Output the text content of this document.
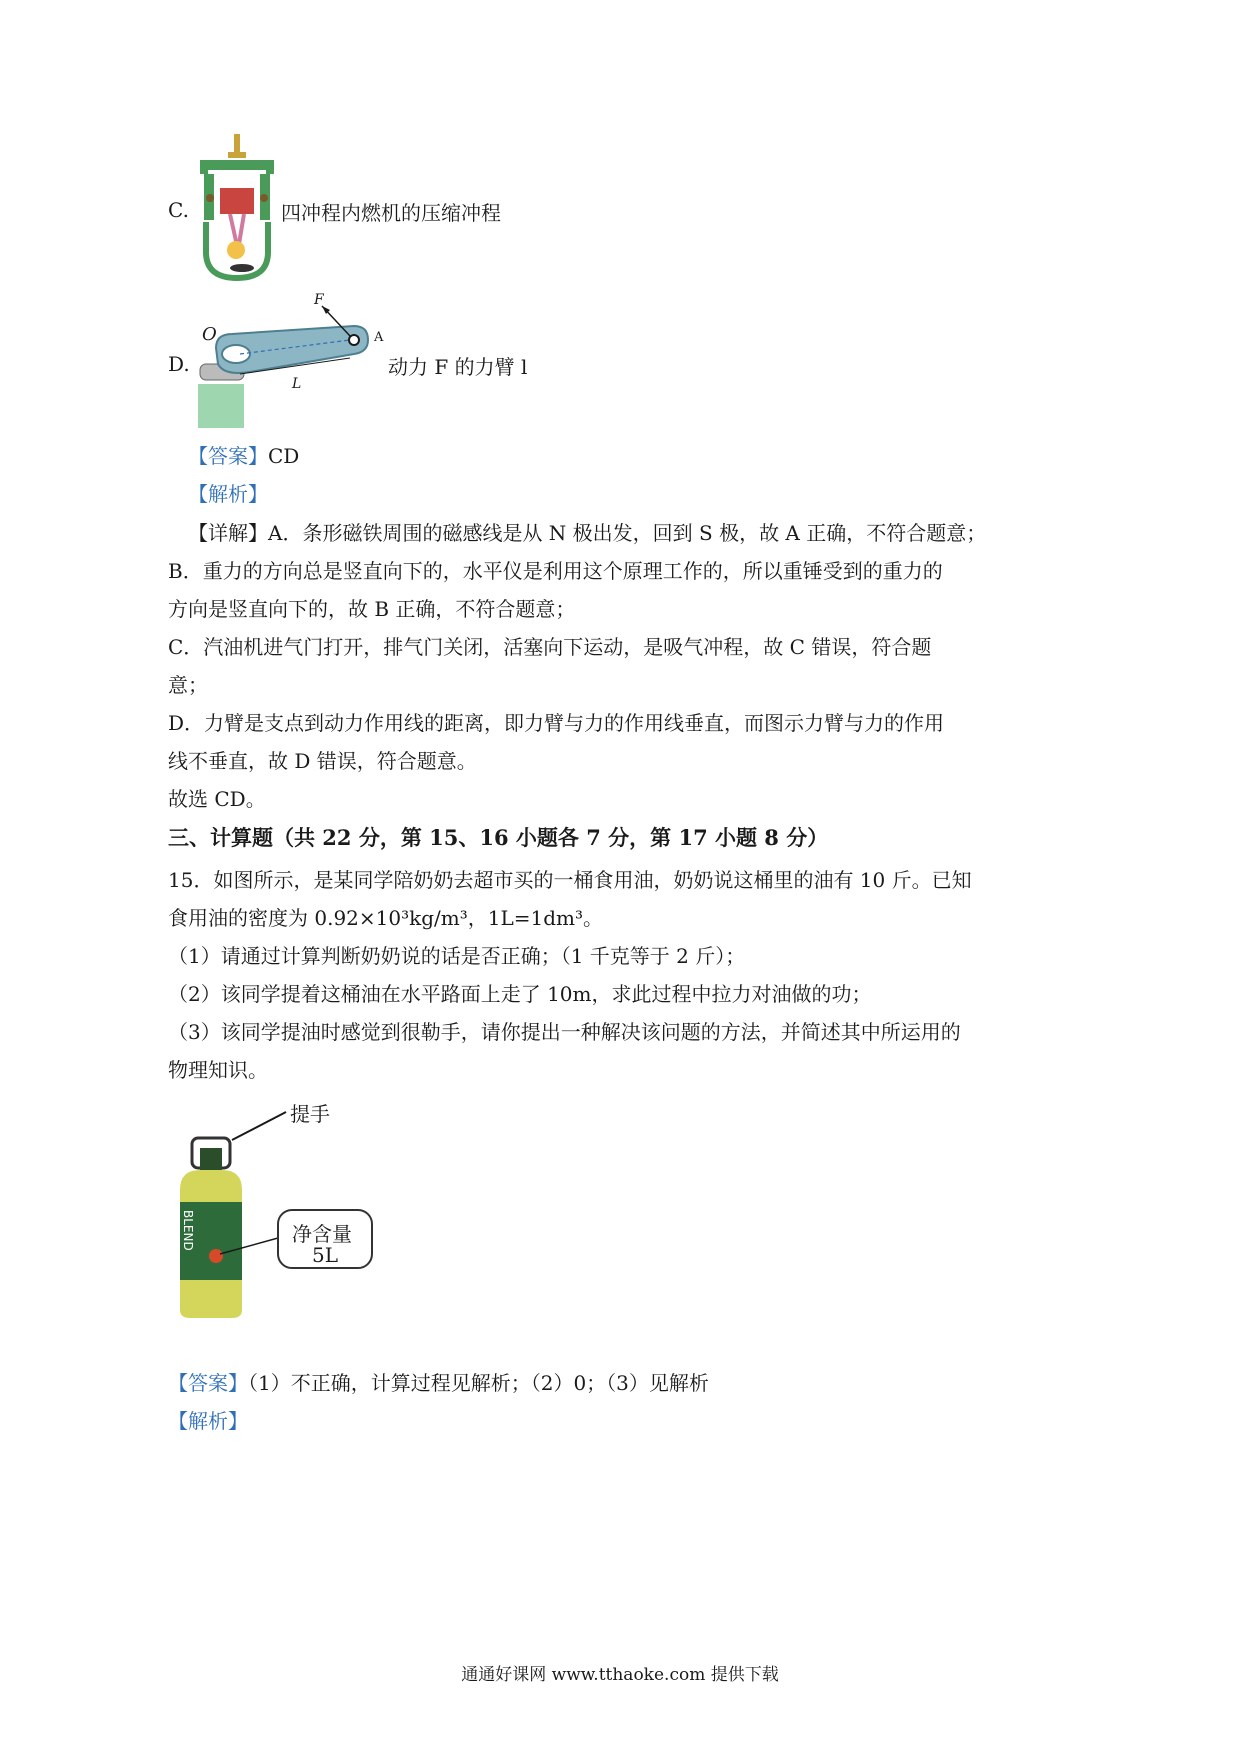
C.	四冲程内燃机的压缩冲程
D.
F
O	A
L
动力 F 的力臂 l
【答案】CD
【解析】
【详解】A．条形磁铁周围的磁感线是从 N 极出发，回到 S 极，故 A 正确，不符合题意；
B．重力的方向总是竖直向下的，水平仪是利用这个原理工作的，所以重锤受到的重力的
方向是竖直向下的，故 B 正确，不符合题意；
C．汽油机进气门打开，排气门关闭，活塞向下运动，是吸气冲程，故 C 错误，符合题
意；
D．力臂是支点到动力作用线的距离，即力臂与力的作用线垂直，而图示力臂与力的作用
线不垂直，故 D 错误，符合题意。
故选 CD。
三、计算题（共 22 分，第 15、16 小题各 7 分，第 17 小题 8 分）
15．如图所示，是某同学陪奶奶去超市买的一桶食用油，奶奶说这桶里的油有 10 斤。已知
食用油的密度为 0.92×10³kg/m³，1L=1dm³。
（1）请通过计算判断奶奶说的话是否正确；（1 千克等于 2 斤）；
（2）该同学提着这桶油在水平路面上走了 10m，求此过程中拉力对油做的功；
（3）该同学提油时感觉到很勒手，请你提出一种解决该问题的方法，并简述其中所运用的
物理知识。
BLEND
提手
净含量
5L
【答案】（1）不正确，计算过程见解析；（2）0；（3）见解析
【解析】
通通好课网 www.tthaoke.com 提供下载
